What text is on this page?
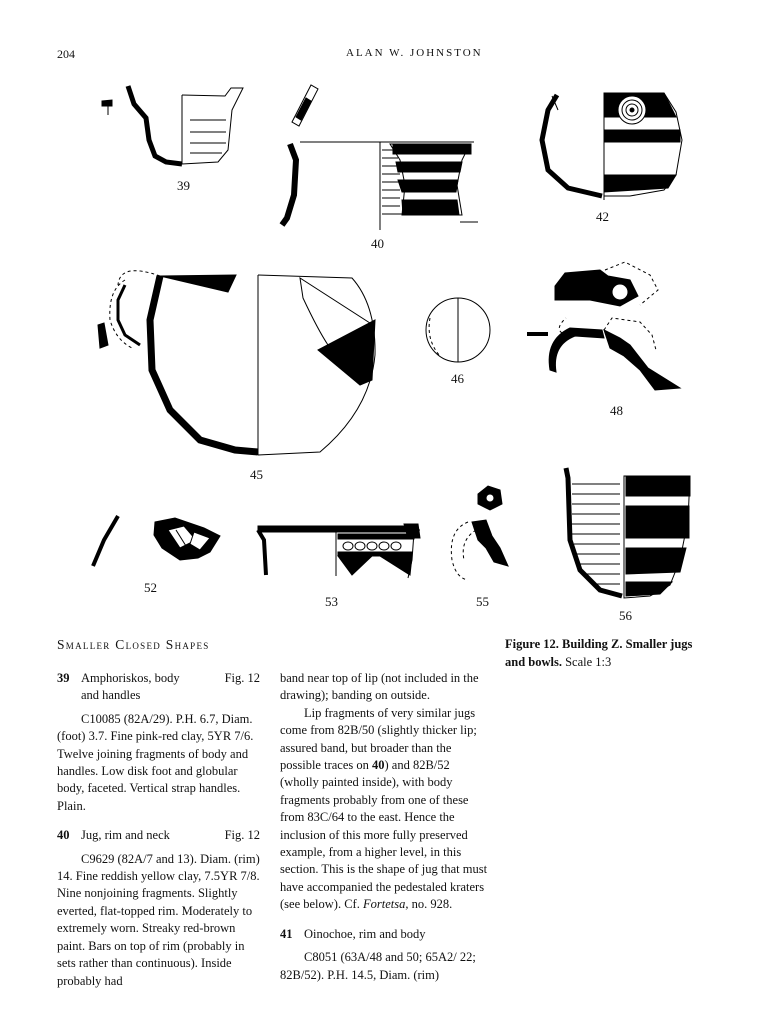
204	ALAN W. JOHNSTON
39
40
42
45
46
48
52
53	55
56
Smaller Closed Shapes	Figure 12. Building Z. Smaller jugs and bowls. Scale 1:3
39 Amphoriskos, body	Fig. 12
and handles

C10085 (82A/29). P.H. 6.7, Diam. (foot) 3.7. Fine pink-red clay, 5YR 7/6. Twelve joining fragments of body and handles. Low disk foot and globular body, faceted. Vertical strap handles. Plain.

40 Jug, rim and neck	Fig. 12

C9629 (82A/7 and 13). Diam. (rim) 14. Fine reddish yellow clay, 7.5YR 7/8. Nine nonjoining fragments. Slightly everted, flat-topped rim. Moderately to extremely worn. Streaky red-brown paint. Bars on top of rim (probably in sets rather than continuous). Inside probably had

band near top of lip (not included in the drawing); banding on outside.

Lip fragments of very similar jugs come from 82B/50 (slightly thicker lip; assured band, but broader than the possible traces on 40) and 82B/52 (wholly painted inside), with body fragments probably from one of these from 83C/64 to the east. Hence the inclusion of this more fully preserved example, from a higher level, in this section. This is the shape of jug that must have accompanied the pedestaled kraters (see below). Cf. Fortetsa, no. 928.

41 Oinochoe, rim and body

C8051 (63A/48 and 50; 65A2/ 22; 82B/52). P.H. 14.5, Diam. (rim)
